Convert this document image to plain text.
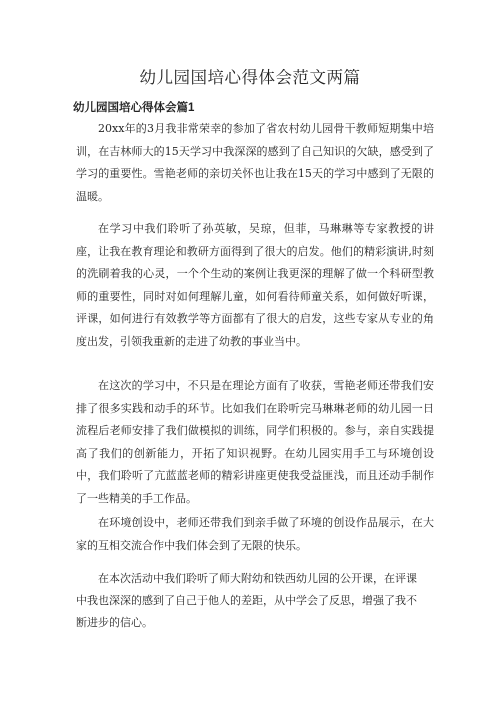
幼儿园国培心得体会范文两篇
幼儿园国培心得体会篇1

20xx年的3月我非常荣幸的参加了省农村幼儿园骨干教师短期集中培训，在吉林师大的15天学习中我深深的感到了自己知识的欠缺，感受到了学习的重要性。雪艳老师的亲切关怀也让我在15天的学习中感到了无限的温暖。

在学习中我们聆听了孙英敏，吴琼，但菲，马琳琳等专家教授的讲座，让我在教育理论和教研方面得到了很大的启发。他们的精彩演讲,时刻的洗刷着我的心灵，一个个生动的案例让我更深的理解了做一个科研型教师的重要性，同时对如何理解儿童，如何看待师童关系，如何做好听课，评课，如何进行有效教学等方面都有了很大的启发，这些专家从专业的角度出发，引领我重新的走进了幼教的事业当中。

在这次的学习中，不只是在理论方面有了收获，雪艳老师还带我们安排了很多实践和动手的环节。比如我们在聆听完马琳琳老师的幼儿园一日流程后老师安排了我们做模拟的训练，同学们积极的。参与，亲自实践提高了我们的创新能力，开拓了知识视野。在幼儿园实用手工与环境创设中，我们聆听了亢蓝蓝老师的精彩讲座更使我受益匪浅，而且还动手制作了一些精美的手工作品。

在环境创设中，老师还带我们到亲手做了环境的创设作品展示，在大家的互相交流合作中我们体会到了无限的快乐。

在本次活动中我们聆听了师大附幼和铁西幼儿园的公开课，在评课
中我也深深的感到了自己于他人的差距，从中学会了反思，增强了我不
断进步的信心。
